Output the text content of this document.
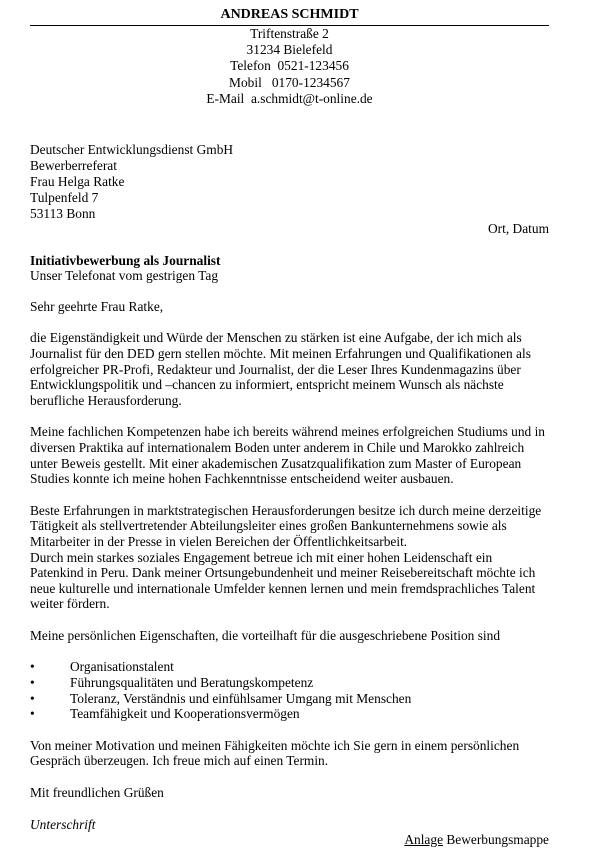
ANDREAS SCHMIDT
Triftenstraße 2
31234 Bielefeld
Telefon  0521-123456
Mobil   0170-1234567
E-Mail  a.schmidt@t-online.de
Deutscher Entwicklungsdienst GmbH
Bewerberreferat
Frau Helga Ratke
Tulpenfeld 7
53113 Bonn
Ort, Datum
Initiativbewerbung als Journalist
Unser Telefonat vom gestrigen Tag
Sehr geehrte Frau Ratke,

die Eigenständigkeit und Würde der Menschen zu stärken ist eine Aufgabe, der ich mich als Journalist für den DED gern stellen möchte. Mit meinen Erfahrungen und Qualifikationen als erfolgreicher PR-Profi, Redakteur und Journalist, der die Leser Ihres Kundenmagazins über Entwicklungspolitik und –chancen zu informiert, entspricht meinem Wunsch als nächste berufliche Herausforderung.

Meine fachlichen Kompetenzen habe ich bereits während meines erfolgreichen Studiums und in diversen Praktika auf internationalem Boden unter anderem in Chile und Marokko zahlreich unter Beweis gestellt. Mit einer akademischen Zusatzqualifikation zum Master of European Studies konnte ich meine hohen Fachkenntnisse entscheidend weiter ausbauen.

Beste Erfahrungen in marktstrategischen Herausforderungen besitze ich durch meine derzeitige Tätigkeit als stellvertretender Abteilungsleiter eines großen Bankunternehmens sowie als Mitarbeiter in der Presse in vielen Bereichen der Öffentlichkeitsarbeit.

Durch mein starkes soziales Engagement betreue ich mit einer hohen Leidenschaft ein Patenkind in Peru. Dank meiner Ortsungebundenheit und meiner Reisebereitschaft möchte ich neue kulturelle und internationale Umfelder kennen lernen und mein fremdsprachliches Talent weiter fördern.

Meine persönlichen Eigenschaften, die vorteilhaft für die ausgeschriebene Position sind

•	Organisationstalent
•	Führungsqualitäten und Beratungskompetenz
•	Toleranz, Verständnis und einfühlsamer Umgang mit Menschen
•	Teamfähigkeit und Kooperationsvermögen

Von meiner Motivation und meinen Fähigkeiten möchte ich Sie gern in einem persönlichen Gespräch überzeugen. Ich freue mich auf einen Termin.

Mit freundlichen Grüßen
Unterschrift
Anlage Bewerbungsmappe
